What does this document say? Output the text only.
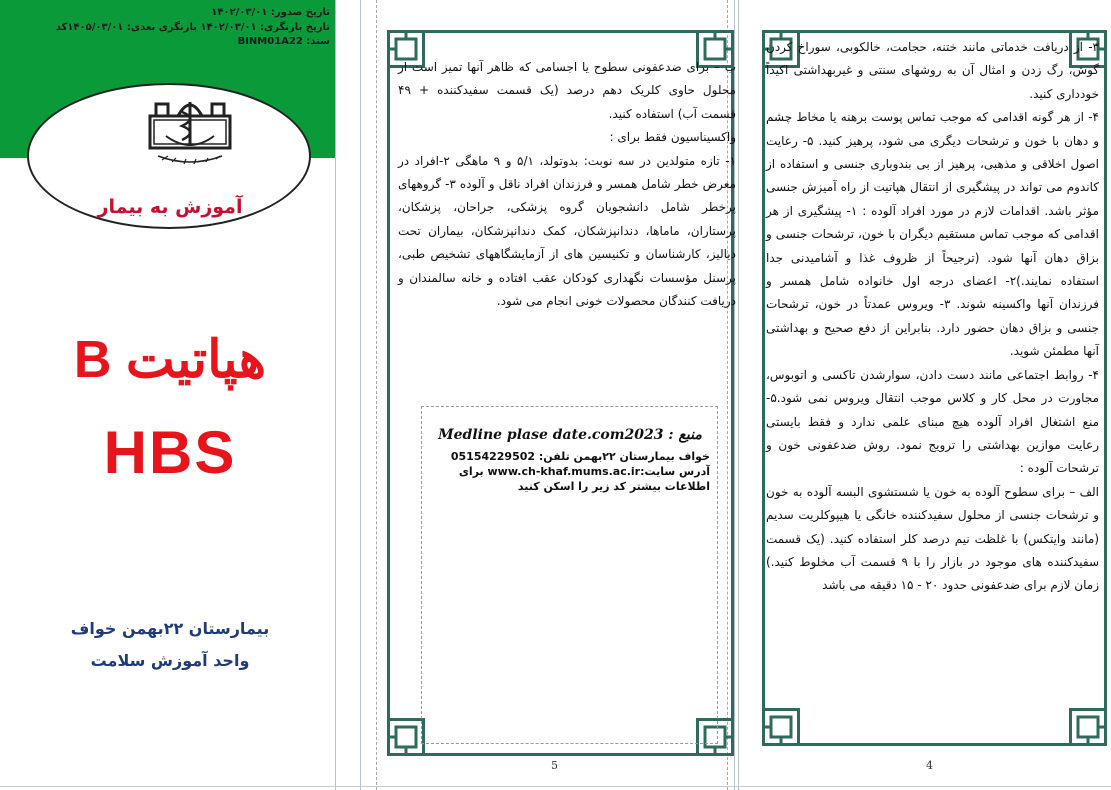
تاریخ صدور: ۱۴۰۲/۰۳/۰۱
تاریخ بازنگری: ۱۴۰۲/۰۳/۰۱ بازنگری بعدی: ۱۴۰۵/۰۳/۰۱کد
سند: BINM01A22
آموزش به بیمار
هپاتیت B
HBS
بیمارستان ۲۲بهمن خواف
واحد آموزش سلامت

ب – برای ضدعفونی سطوح یا اجسامی که ظاهر آنها تمیز است از محلول حاوی کلریک دهم درصد (یک قسمت سفیدکننده + ۴۹ قسمت آب) استفاده کنید.

واکسیناسیون فقط برای :

۱- تازه متولدین در سه نوبت: بدوتولد، ۵/۱ و ۹ ماهگی ۲-افراد در معرض خطر شامل همسر و فرزندان افراد ناقل و آلوده ۳- گروههای پرخطر شامل دانشجویان گروه پزشکی، جراحان، پزشکان، پرستاران، ماماها، دندانپزشکان، کمک دندانپزشکان، بیماران تحت دیالیز، کارشناسان و تکنیسین های از آزمایشگاههای تشخیص طبی، پرسنل مؤسسات نگهداری کودکان عقب افتاده و خانه سالمندان و دریافت کنندگان محصولات خونی انجام می شود.

منبع : Medline plase date.com2023
خواف بیمارستان ۲۲بهمن تلفن: 05154229502
آدرس سایت:www.ch-khaf.mums.ac.ir برای
اطلاعات بیشتر کد زیر را اسکن کنید
5

۳- از دریافت خدماتی مانند ختنه، حجامت، خالکوبی، سوراخ کردن گوش، رگ زدن و امثال آن به روشهای سنتی و غیربهداشتی اکیداً خودداری کنید.

۴- از هر گونه اقدامی که موجب تماس پوست برهنه یا مخاط چشم و دهان با خون و ترشحات دیگری می شود، پرهیز کنید. ۵- رعایت اصول اخلاقی و مذهبی، پرهیز از بی بندوباری جنسی و استفاده از کاندوم می تواند در پیشگیری از انتقال هپاتیت از راه آمیزش جنسی مؤثر باشد. اقدامات لازم در مورد افراد آلوده : ۱- پیشگیری از هر اقدامی که موجب تماس مستقیم دیگران با خون، ترشحات جنسی و بزاق دهان آنها شود. (ترجیحاً از ظروف غذا و آشامیدنی جدا استفاده نمایند.)۲- اعضای درجه اول خانواده شامل همسر و فرزندان آنها واکسینه شوند. ۳- ویروس عمدتاً در خون، ترشحات جنسی و بزاق دهان حضور دارد. بنابراین از دفع صحیح و بهداشتی آنها مطمئن شوید.

۴- روابط اجتماعی مانند دست دادن، سوارشدن تاکسی و اتوبوس، مجاورت در محل کار و کلاس موجب انتقال ویروس نمی شود.۵- منع اشتغال افراد آلوده هیچ مبنای علمی ندارد و فقط بایستی رعایت موازین بهداشتی را ترویج نمود. روش ضدعفونی خون و ترشحات آلوده :

الف – برای سطوح آلوده به خون یا شستشوی البسه آلوده به خون و ترشحات جنسی از محلول سفیدکننده خانگی یا هیپوکلریت سدیم (مانند وایتکس) با غلظت نیم درصد کلر استفاده کنید. (یک قسمت سفیدکننده های موجود در بازار را با ۹ قسمت آب مخلوط کنید.) زمان لازم برای ضدعفونی حدود ۲۰ - ۱۵ دقیقه می باشد

4
